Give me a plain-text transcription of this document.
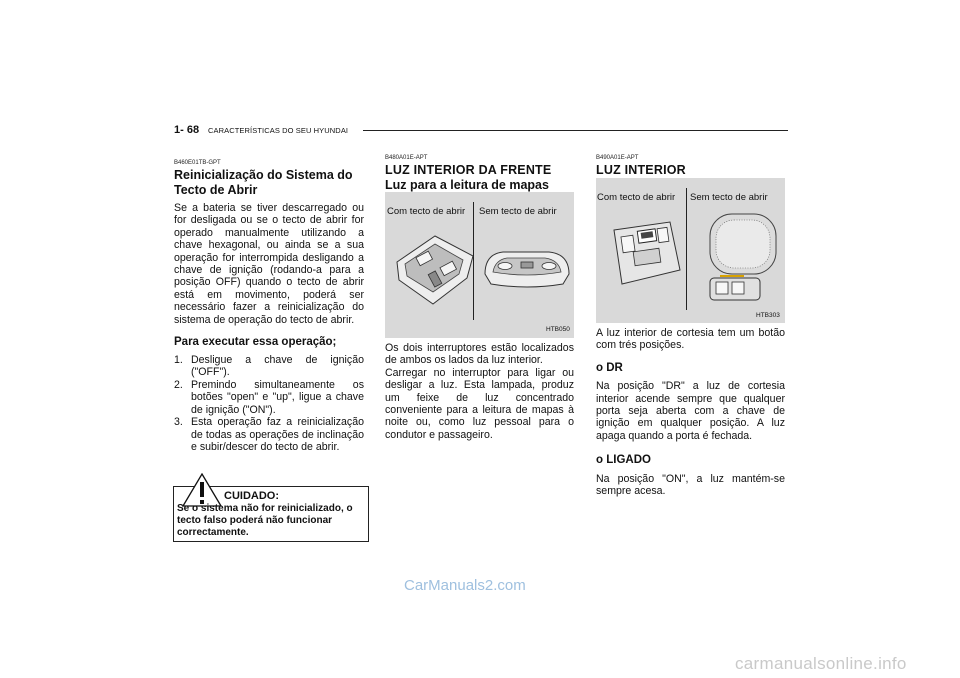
1- 68 CARACTERÍSTICAS DO SEU HYUNDAI
B460E01TB-GPT
Reinicialização do Sistema do Tecto de Abrir

Se a bateria se tiver descarregado ou for desligada ou se o tecto de abrir for operado manualmente utilizando a chave hexagonal, ou ainda se a sua operação for interrompida desligando a chave de ignição (rodando-a para a posição OFF) quando o tecto de abrir está em movimento, poderá ser necessário fazer a reinicialização do sistema de operação do tecto de abrir.

Para executar essa operação;
1. Desligue a chave de ignição ("OFF").
2. Premindo simultaneamente os botões "open" e "up", ligue a chave de ignição ("ON").
3. Esta operação faz a reinicialização de todas as operações de inclinação e subir/descer do tecto de abrir.
CUIDADO:
Se o sistema não for reinicializado, o tecto falso poderá não funcionar correctamente.
B480A01E-APT
LUZ INTERIOR DA FRENTE
Luz para a leitura de mapas
Com tecto de abrir Sem tecto de abrir
HTB050
Os dois interruptores estão localizados de ambos os lados da luz interior.
Carregar no interruptor para ligar ou desligar a luz. Esta lampada, produz um feixe de luz concentrado conveniente para a leitura de mapas à noite ou, como luz pessoal para o condutor e passageiro.
B490A01E-APT
LUZ INTERIOR
Com tecto de abrir Sem tecto de abrir
HTB303

A luz interior de cortesia tem um botão com trés posições.

o DR

Na posição "DR" a luz de cortesia interior acende sempre que qualquer porta seja aberta com a chave de ignição em qualquer posição. A luz apaga quando a porta é fechada.

o LIGADO

Na posição "ON", a luz mantém-se sempre acesa.

CarManuals2.com
carmanualsonline.info
